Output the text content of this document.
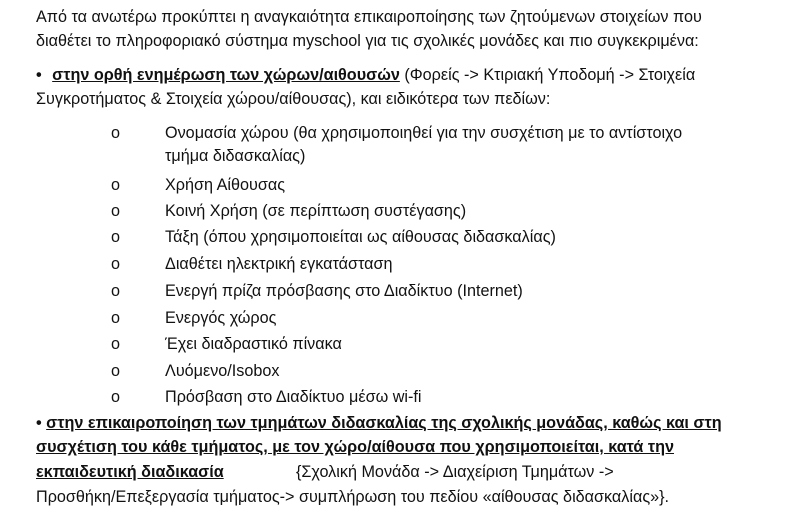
Από τα ανωτέρω προκύπτει η αναγκαιότητα επικαιροποίησης των ζητούμενων στοιχείων που
διαθέτει το πληροφοριακό σύστημα myschool για τις σχολικές μονάδες και πιο συγκεκριμένα:
• στην ορθή ενημέρωση των χώρων/αιθουσών (Φορείς -> Κτιριακή Υποδομή -> Στοιχεία
Συγκροτήματος & Στοιχεία χώρου/αίθουσας), και ειδικότερα των πεδίων:
o	Ονομασία χώρου (θα χρησιμοποιηθεί για την συσχέτιση με το αντίστοιχο
τμήμα διδασκαλίας)
o	Χρήση Αίθουσας
o	Κοινή Χρήση (σε περίπτωση συστέγασης)
o	Τάξη (όπου χρησιμοποιείται ως αίθουσας διδασκαλίας)
o	Διαθέτει ηλεκτρική εγκατάσταση
o	Ενεργή πρίζα πρόσβασης στο Διαδίκτυο (Internet)
o	Ενεργός χώρος
o	Έχει διαδραστικό πίνακα
o	Λυόμενο/Isobox
o	Πρόσβαση στο Διαδίκτυο μέσω wi-fi
• στην επικαιροποίηση των τμημάτων διδασκαλίας της σχολικής μονάδας, καθώς και στη
συσχέτιση του κάθε τμήματος, με τον χώρο/αίθουσα που χρησιμοποιείται, κατά την
εκπαιδευτική διαδικασία	{Σχολική Μονάδα -> Διαχείριση Τμημάτων ->
Προσθήκη/Επεξεργασία τμήματος-> συμπλήρωση του πεδίου «αίθουσας διδασκαλίας»}.
